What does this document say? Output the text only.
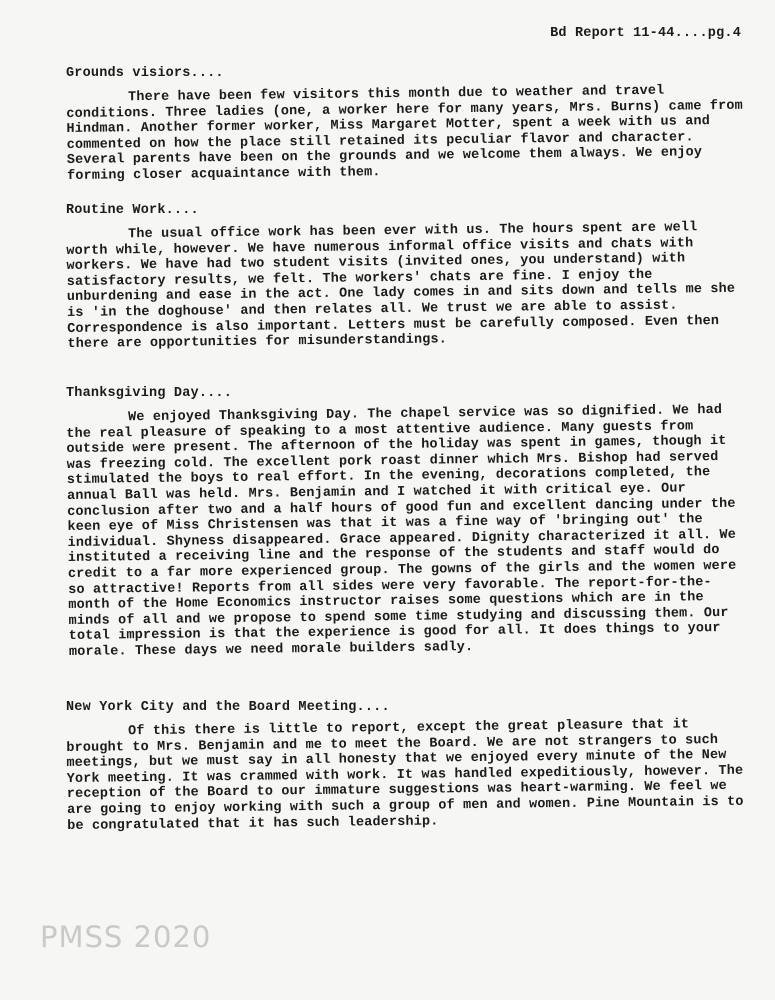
Bd Report 11-44....pg.4
Grounds visiors....

There have been few visitors this month due to weather and travel conditions. Three ladies (one, a worker here for many years, Mrs. Burns) came from Hindman. Another former worker, Miss Margaret Motter, spent a week with us and commented on how the place still retained its peculiar flavor and character. Several parents have been on the grounds and we welcome them always. We enjoy forming closer acquaintance with them.

Routine Work....

The usual office work has been ever with us. The hours spent are well worth while, however. We have numerous informal office visits and chats with workers. We have had two student visits (invited ones, you understand) with satisfactory results, we felt. The workers' chats are fine. I enjoy the unburdening and ease in the act. One lady comes in and sits down and tells me she is 'in the doghouse' and then relates all. We trust we are able to assist. Correspondence is also important. Letters must be carefully composed. Even then there are opportunities for misunderstandings.

Thanksgiving Day....

We enjoyed Thanksgiving Day. The chapel service was so dignified. We had the real pleasure of speaking to a most attentive audience. Many guests from outside were present. The afternoon of the holiday was spent in games, though it was freezing cold. The excellent pork roast dinner which Mrs. Bishop had served stimulated the boys to real effort. In the evening, decorations completed, the annual Ball was held. Mrs. Benjamin and I watched it with critical eye. Our conclusion after two and a half hours of good fun and excellent dancing under the keen eye of Miss Christensen was that it was a fine way of 'bringing out' the individual. Shyness disappeared. Grace appeared. Dignity characterized it all. We instituted a receiving line and the response of the students and staff would do credit to a far more experienced group. The gowns of the girls and the women were so attractive! Reports from all sides were very favorable. The report-for-the-month of the Home Economics instructor raises some questions which are in the minds of all and we propose to spend some time studying and discussing them. Our total impression is that the experience is good for all. It does things to your morale. These days we need morale builders sadly.

New York City and the Board Meeting....

Of this there is little to report, except the great pleasure that it brought to Mrs. Benjamin and me to meet the Board. We are not strangers to such meetings, but we must say in all honesty that we enjoyed every minute of the New York meeting. It was crammed with work. It was handled expeditiously, however. The reception of the Board to our immature suggestions was heart-warming. We feel we are going to enjoy working with such a group of men and women. Pine Mountain is to be congratulated that it has such leadership.

PMSS 2020
